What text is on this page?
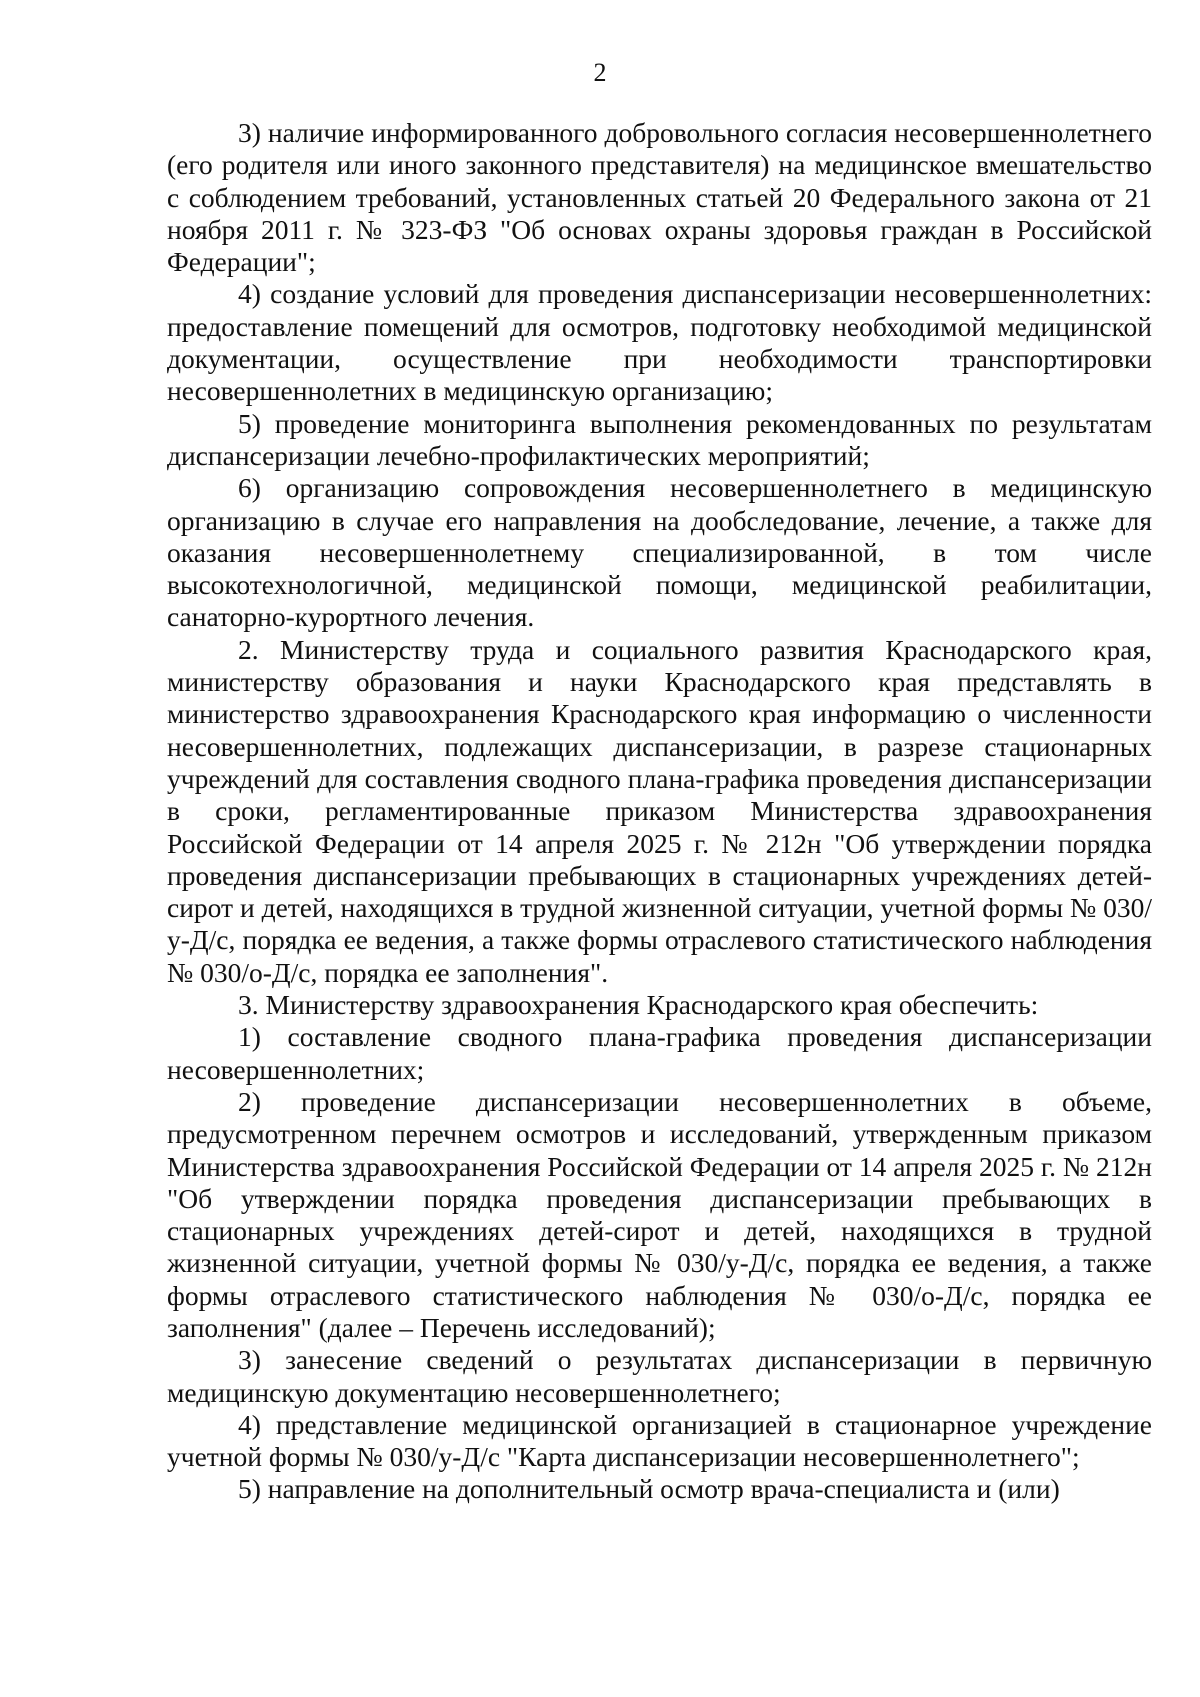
2

3) наличие информированного добровольного согласия несовершеннолетнего (его родителя или иного законного представителя) на медицинское вмешательство с соблюдением требований, установленных статьей 20 Федерального закона от 21 ноября 2011 г. № 323-ФЗ "Об основах охраны здоровья граждан в Российской Федерации";

4) создание условий для проведения диспансеризации несовершеннолетних: предоставление помещений для осмотров, подготовку необходимой медицинской документации, осуществление при необходимости транспортировки несовершеннолетних в медицинскую организацию;

5) проведение мониторинга выполнения рекомендованных по результатам диспансеризации лечебно-профилактических мероприятий;

6) организацию сопровождения несовершеннолетнего в медицинскую организацию в случае его направления на дообследование, лечение, а также для оказания несовершеннолетнему специализированной, в том числе высокотехнологичной, медицинской помощи, медицинской реабилитации, санаторно-курортного лечения.

2. Министерству труда и социального развития Краснодарского края, министерству образования и науки Краснодарского края представлять в министерство здравоохранения Краснодарского края информацию о численности несовершеннолетних, подлежащих диспансеризации, в разрезе стационарных учреждений для составления сводного плана-графика проведения диспансеризации в сроки, регламентированные приказом Министерства здравоохранения Российской Федерации от 14 апреля 2025 г. № 212н "Об утверждении порядка проведения диспансеризации пребывающих в стационарных учреждениях детей-сирот и детей, находящихся в трудной жизненной ситуации, учетной формы № 030/у-Д/с, порядка ее ведения, а также формы отраслевого статистического наблюдения № 030/о-Д/с, порядка ее заполнения".

3. Министерству здравоохранения Краснодарского края обеспечить:

1) составление сводного плана-графика проведения диспансеризации несовершеннолетних;

2) проведение диспансеризации несовершеннолетних в объеме, предусмотренном перечнем осмотров и исследований, утвержденным приказом Министерства здравоохранения Российской Федерации от 14 апреля 2025 г. № 212н "Об утверждении порядка проведения диспансеризации пребывающих в стационарных учреждениях детей-сирот и детей, находящихся в трудной жизненной ситуации, учетной формы № 030/у-Д/с, порядка ее ведения, а также формы отраслевого статистического наблюдения № 030/о-Д/с, порядка ее заполнения" (далее – Перечень исследований);

3) занесение сведений о результатах диспансеризации в первичную медицинскую документацию несовершеннолетнего;

4) представление медицинской организацией в стационарное учреждение учетной формы № 030/у-Д/с "Карта диспансеризации несовершеннолетнего";

5) направление на дополнительный осмотр врача-специалиста и (или)
